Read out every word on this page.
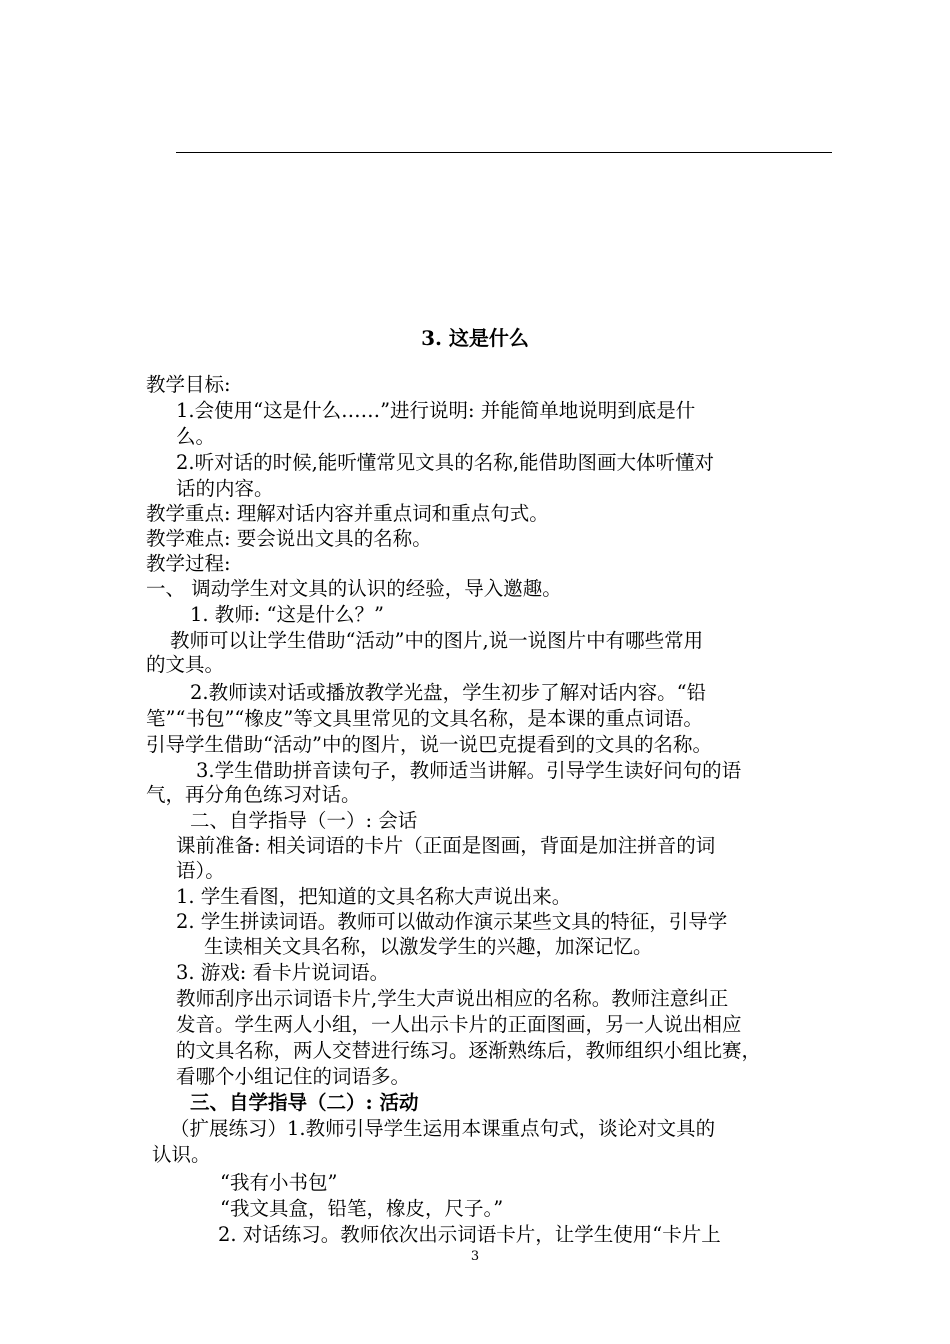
3. 这是什么
教学目标:
1.会使用“这是什么……”进行说明: 并能简单地说明到底是什
么。
2.听对话的时候,能听懂常见文具的名称,能借助图画大体听懂对
话的内容。
教学重点: 理解对话内容并重点词和重点句式。
教学难点: 要会说出文具的名称。
教学过程:
一、 调动学生对文具的认识的经验，导入邀趣。
1. 教师: “这是什么？”
教师可以让学生借助“活动”中的图片,说一说图片中有哪些常用
的文具。
2.教师读对话或播放教学光盘，学生初步了解对话内容。“铅
笔”“书包”“橡皮”等文具里常见的文具名称，是本课的重点词语。
引导学生借助“活动”中的图片，说一说巴克提看到的文具的名称。
3.学生借助拼音读句子，教师适当讲解。引导学生读好问句的语
气，再分角色练习对话。
二、自学指导（一）: 会话
课前准备: 相关词语的卡片（正面是图画，背面是加注拼音的词
语）。
1. 学生看图，把知道的文具名称大声说出来。
2. 学生拼读词语。教师可以做动作演示某些文具的特征，引导学
生读相关文具名称，以激发学生的兴趣，加深记忆。
3. 游戏: 看卡片说词语。
教师刮序出示词语卡片,学生大声说出相应的名称。教师注意纠正
发音。学生两人小组，一人出示卡片的正面图画，另一人说出相应
的文具名称，两人交替进行练习。逐渐熟练后，教师组织小组比赛，
看哪个小组记住的词语多。
三、自学指导（二）: 活动
（扩展练习）1.教师引导学生运用本课重点句式，谈论对文具的
认识。
“我有小书包”
“我文具盒，铅笔，橡皮，尺子。”
2. 对话练习。教师依次出示词语卡片，让学生使用“卡片上
3
